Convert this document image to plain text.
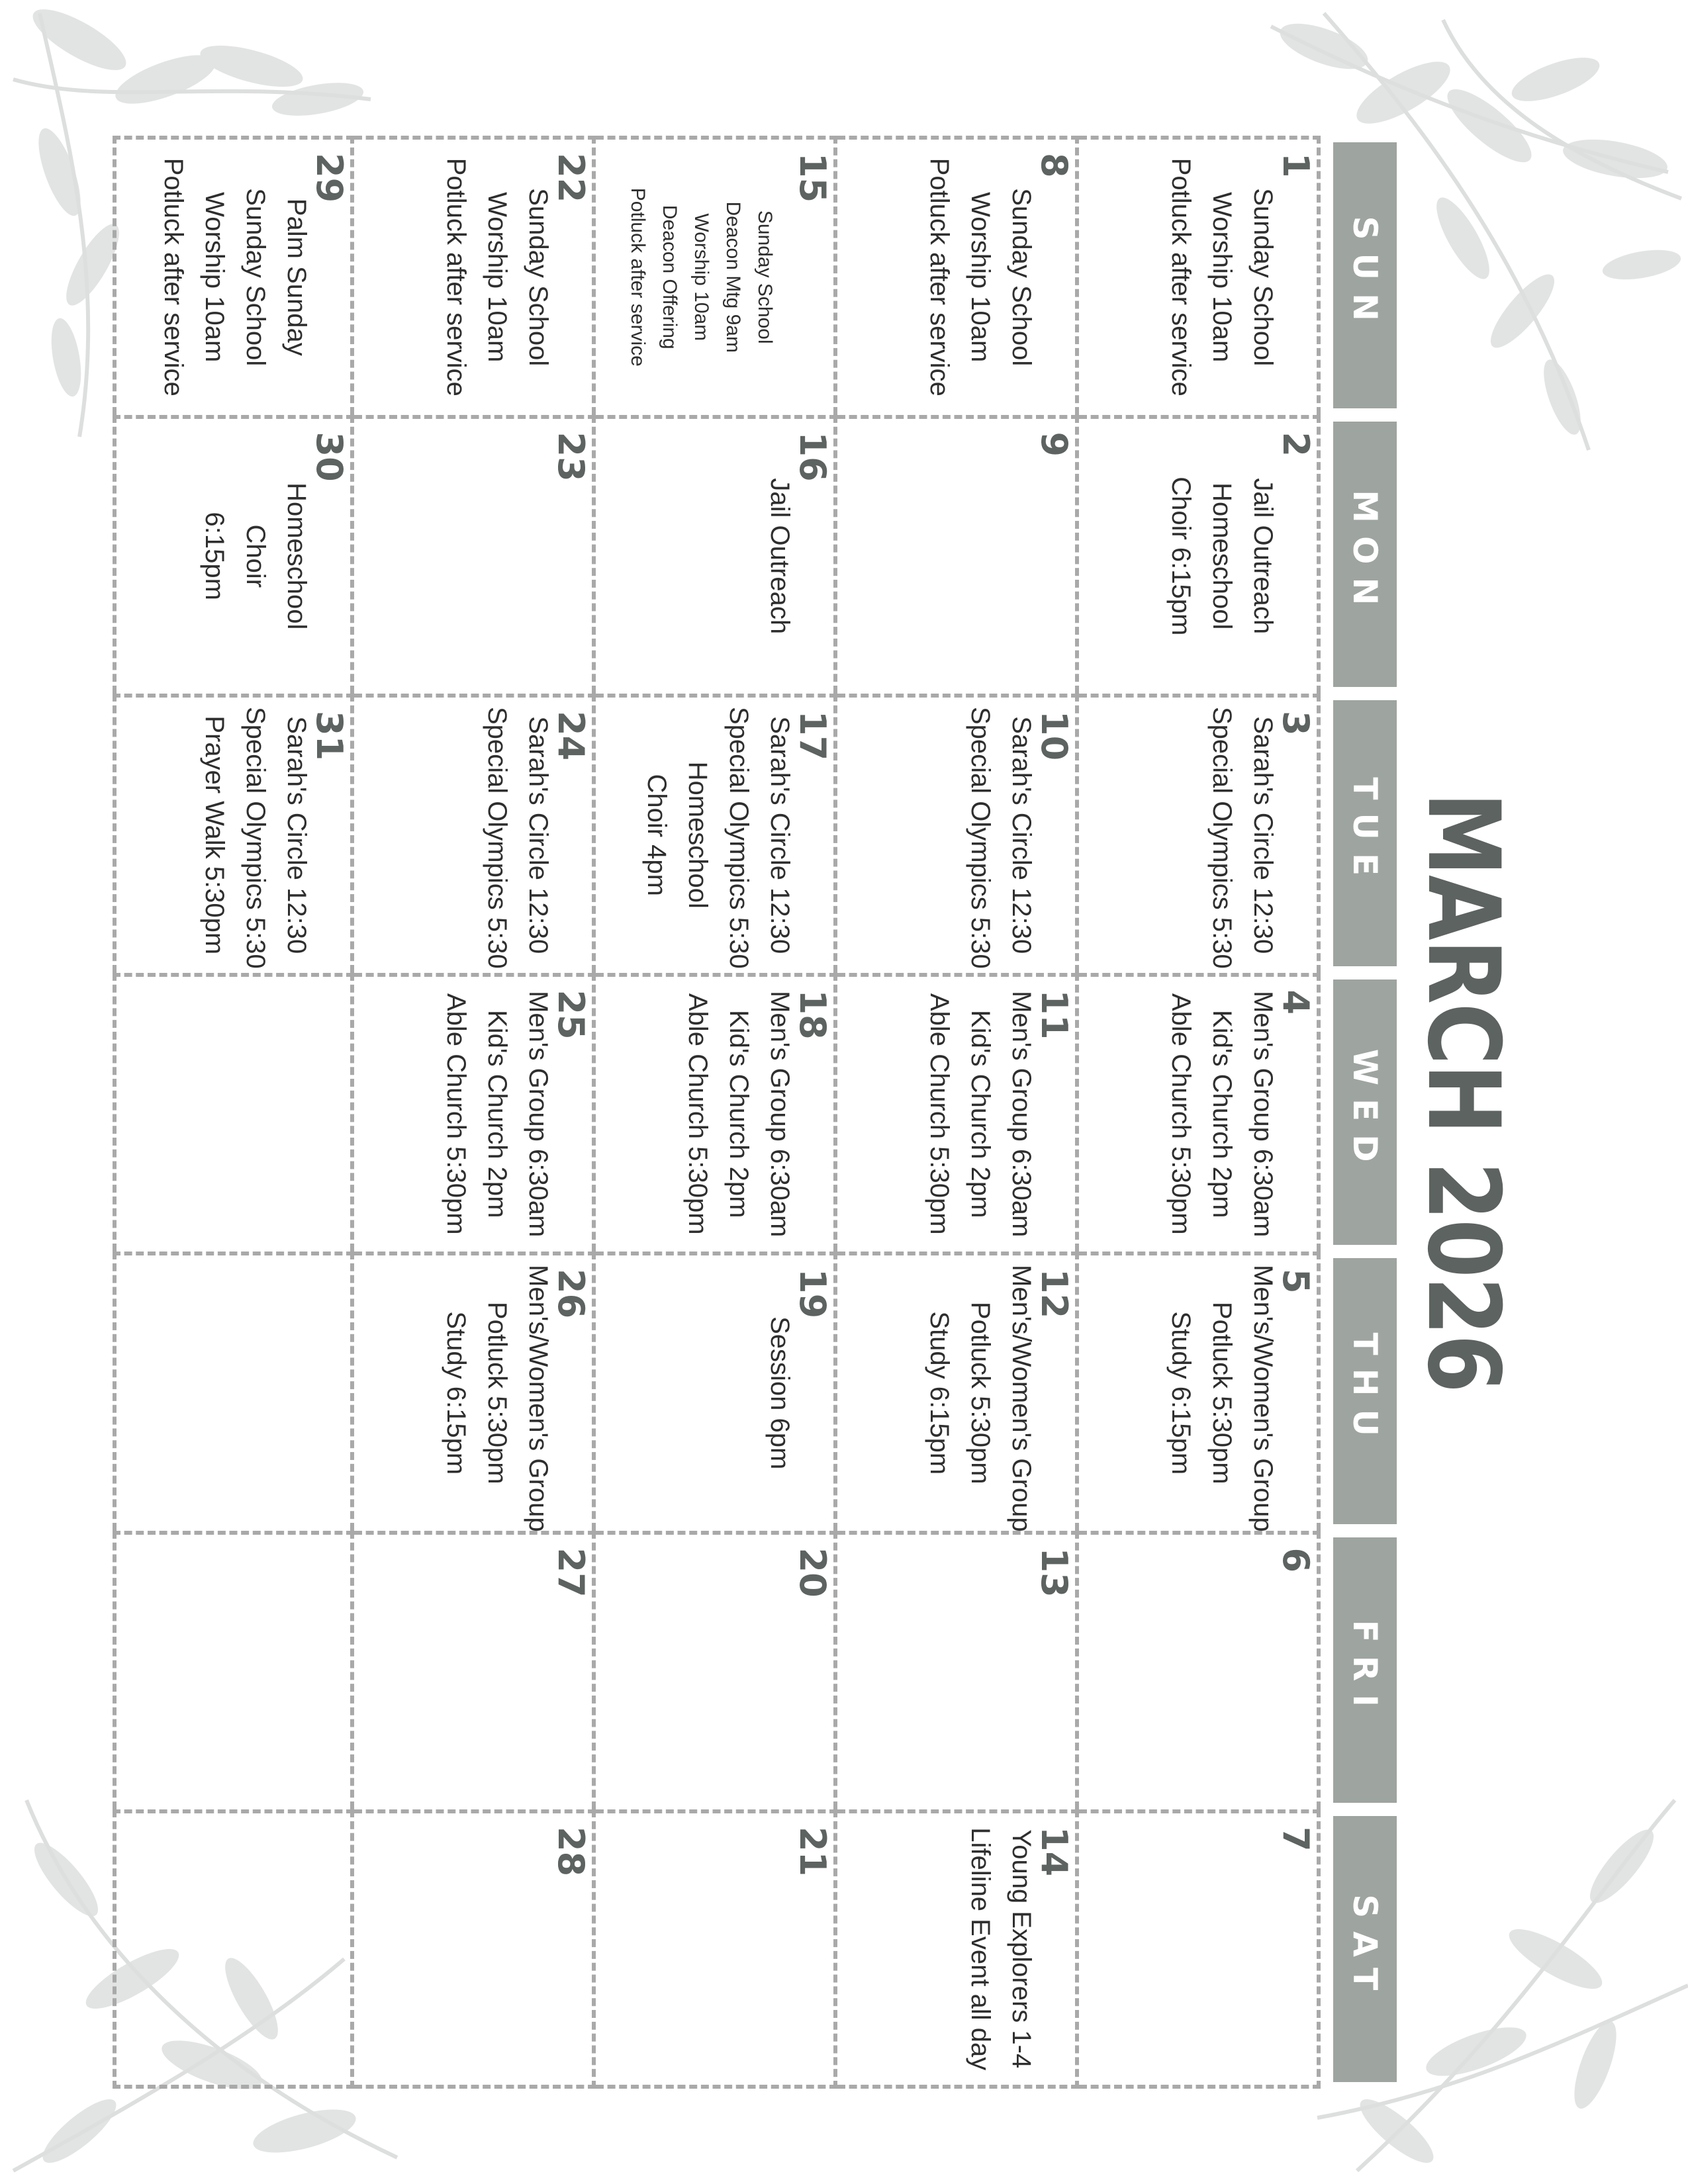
MARCH 2026
SUN
MON
TUE
WED
THU
FRI
SAT
1
Sunday School
Worship 10am
Potluck after service
2
Jail Outreach
Homeschool
Choir 6:15pm
3
Sarah's Circle 12:30
Special Olympics 5:30
4
Men's Group 6:30am
Kid's Church 2pm
Able Church 5:30pm
5
Men's/Women's Group
Potluck 5:30pm
Study 6:15pm
6
7
8
Sunday School
Worship 10am
Potluck after service
9
10
Sarah's Circle 12:30
Special Olympics 5:30
11
Men's Group 6:30am
Kid's Church 2pm
Able Church 5:30pm
12
Men's/Women's Group
Potluck 5:30pm
Study 6:15pm
13
14
Young Explorers 1-4
Lifeline Event all day
15
Sunday School
Deacon Mtg 9am
Worship 10am
Deacon Offering
Potluck after service
16
Jail Outreach
17
Sarah's Circle 12:30
Special Olympics 5:30
Homeschool
Choir 4pm
18
Men's Group 6:30am
Kid's Church 2pm
Able Church 5:30pm
19
Session 6pm
20
21
22
Sunday School
Worship 10am
Potluck after service
23
24
Sarah's Circle 12:30
Special Olympics 5:30
25
Men's Group 6:30am
Kid's Church 2pm
Able Church 5:30pm
26
Men's/Women's Group
Potluck 5:30pm
Study 6:15pm
27
28
29
Palm Sunday
Sunday School
Worship 10am
Potluck after service
30
Homeschool
Choir
6:15pm
31
Sarah's Circle 12:30
Special Olympics 5:30
Prayer Walk 5:30pm
